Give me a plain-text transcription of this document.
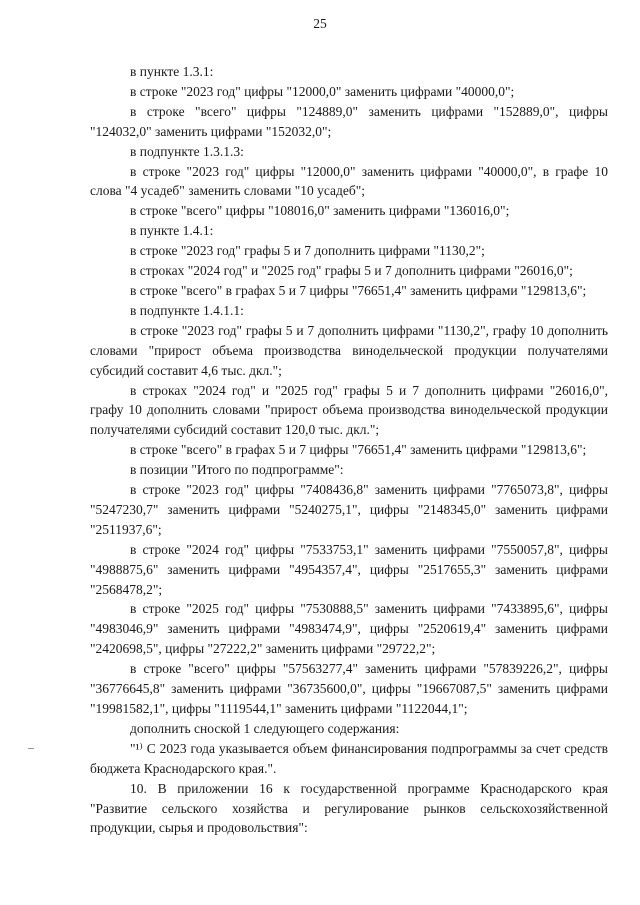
25

в пункте 1.3.1:

в строке "2023 год" цифры "12000,0" заменить цифрами "40000,0";

в строке "всего" цифры "124889,0" заменить цифрами "152889,0", цифры "124032,0" заменить цифрами "152032,0";

в подпункте 1.3.1.3:

в строке "2023 год" цифры "12000,0" заменить цифрами "40000,0", в графе 10 слова "4 усадеб" заменить словами "10 усадеб";

в строке "всего" цифры "108016,0" заменить цифрами "136016,0";

в пункте 1.4.1:

в строке "2023 год" графы 5 и 7 дополнить цифрами "1130,2";

в строках "2024 год" и "2025 год" графы 5 и 7 дополнить цифрами "26016,0";

в строке "всего" в графах 5 и 7 цифры "76651,4" заменить цифрами "129813,6";

в подпункте 1.4.1.1:

в строке "2023 год" графы 5 и 7 дополнить цифрами "1130,2", графу 10 дополнить словами "прирост объема производства винодельческой продукции получателями субсидий составит 4,6 тыс. дкл.";

в строках "2024 год" и "2025 год" графы 5 и 7 дополнить цифрами "26016,0", графу 10 дополнить словами "прирост объема производства винодельческой продукции получателями субсидий составит 120,0 тыс. дкл.";

в строке "всего" в графах 5 и 7 цифры "76651,4" заменить цифрами "129813,6";

в позиции "Итого по подпрограмме":

в строке "2023 год" цифры "7408436,8" заменить цифрами "7765073,8", цифры "5247230,7" заменить цифрами "5240275,1", цифры "2148345,0" заменить цифрами "2511937,6";

в строке "2024 год" цифры "7533753,1" заменить цифрами "7550057,8", цифры "4988875,6" заменить цифрами "4954357,4", цифры "2517655,3" заменить цифрами "2568478,2";

в строке "2025 год" цифры "7530888,5" заменить цифрами "7433895,6", цифры "4983046,9" заменить цифрами "4983474,9", цифры "2520619,4" заменить цифрами "2420698,5", цифры "27222,2" заменить цифрами "29722,2";

в строке "всего" цифры "57563277,4" заменить цифрами "57839226,2", цифры "36776645,8" заменить цифрами "36735600,0", цифры "19667087,5" заменить цифрами "19981582,1", цифры "1119544,1" заменить цифрами "1122044,1";

дополнить сноской 1 следующего содержания:

"¹⁾ С 2023 года указывается объем финансирования подпрограммы за счет средств бюджета Краснодарского края.".

10. В приложении 16 к государственной программе Краснодарского края "Развитие сельского хозяйства и регулирование рынков сельскохозяйственной продукции, сырья и продовольствия":
